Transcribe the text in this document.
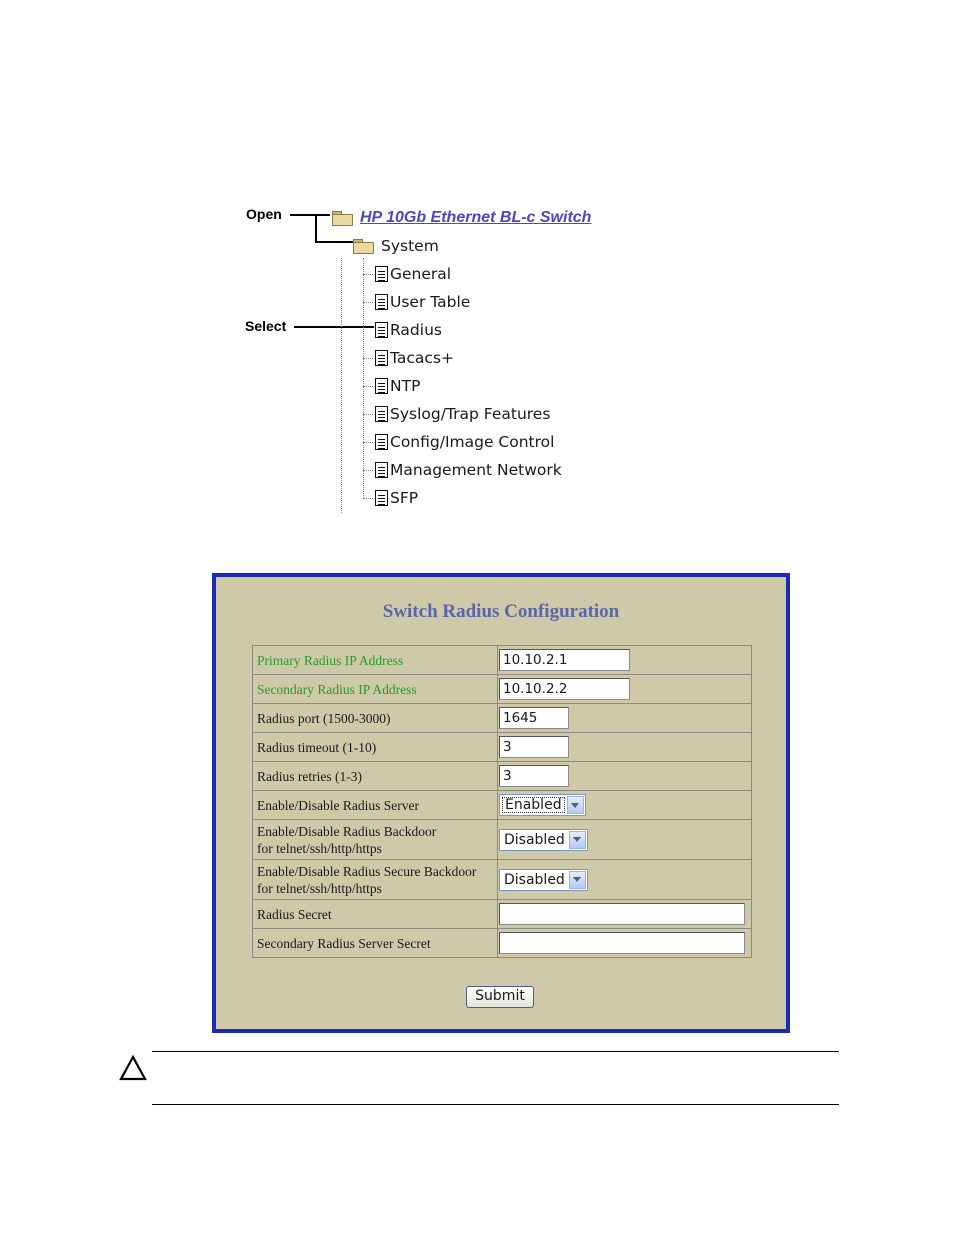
Open
Select
HP 10Gb Ethernet BL-c Switch
System
General
User Table
Radius
Tacacs+
NTP
Syslog/Trap Features
Config/Image Control
Management Network
SFP
Switch Radius Configuration
Primary Radius IP Address	10.10.2.1

Secondary Radius IP Address	10.10.2.2

Radius port (1500-3000)	1645

Radius timeout (1-10)	3

Radius retries (1-3)	3

Enable/Disable Radius Server	Enabled

Enable/Disable Radius Backdoor
for telnet/ssh/http/https	Disabled

Enable/Disable Radius Secure Backdoor
for telnet/ssh/http/https	Disabled

Radius Secret	

Secondary Radius Server Secret	
Submit
